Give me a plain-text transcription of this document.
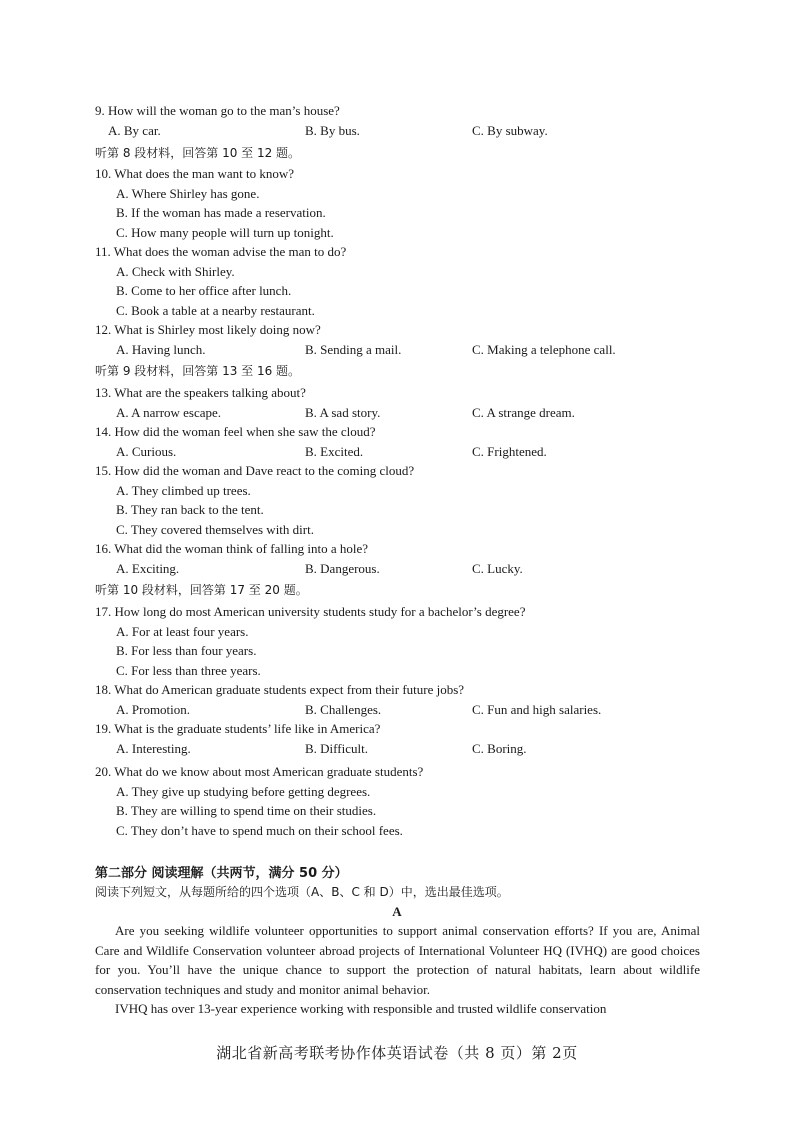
9. How will the woman go to the man’s house?
A. By car.	B. By bus.	C. By subway.
听第 8 段材料，回答第 10 至 12 题。
10. What does the man want to know?
A. Where Shirley has gone.
B. If the woman has made a reservation.
C. How many people will turn up tonight.
11. What does the woman advise the man to do?
A. Check with Shirley.
B. Come to her office after lunch.
C. Book a table at a nearby restaurant.
12. What is Shirley most likely doing now?
A. Having lunch.	B. Sending a mail.	C. Making a telephone call.
听第 9 段材料，回答第 13 至 16 题。
13. What are the speakers talking about?
A. A narrow escape.	B. A sad story.	C. A strange dream.
14. How did the woman feel when she saw the cloud?
A. Curious.	B. Excited.	C. Frightened.
15. How did the woman and Dave react to the coming cloud?
A. They climbed up trees.
B. They ran back to the tent.
C. They covered themselves with dirt.
16. What did the woman think of falling into a hole?
A. Exciting.	B. Dangerous.	C. Lucky.
听第 10 段材料，回答第 17 至 20 题。
17. How long do most American university students study for a bachelor’s degree?
A. For at least four years.
B. For less than four years.
C. For less than three years.
18. What do American graduate students expect from their future jobs?
A. Promotion.	B. Challenges.	C. Fun and high salaries.
19. What is the graduate students’ life like in America?
A. Interesting.	B. Difficult.	C. Boring.
20. What do we know about most American graduate students?
A. They give up studying before getting degrees.
B. They are willing to spend time on their studies.
C. They don’t have to spend much on their school fees.
第二部分 阅读理解（共两节，满分 50 分）
阅读下列短文，从每题所给的四个选项（A、B、C 和 D）中，选出最佳选项。
A
Are you seeking wildlife volunteer opportunities to support animal conservation efforts? If you are, Animal Care and Wildlife Conservation volunteer abroad projects of International Volunteer HQ (IVHQ) are good choices for you. You’ll have the unique chance to support the protection of natural habitats, learn about wildlife conservation techniques and study and monitor animal behavior.
IVHQ has over 13-year experience working with responsible and trusted wildlife conservation
湖北省新高考联考协作体英语试卷（共 8 页）第 2页
